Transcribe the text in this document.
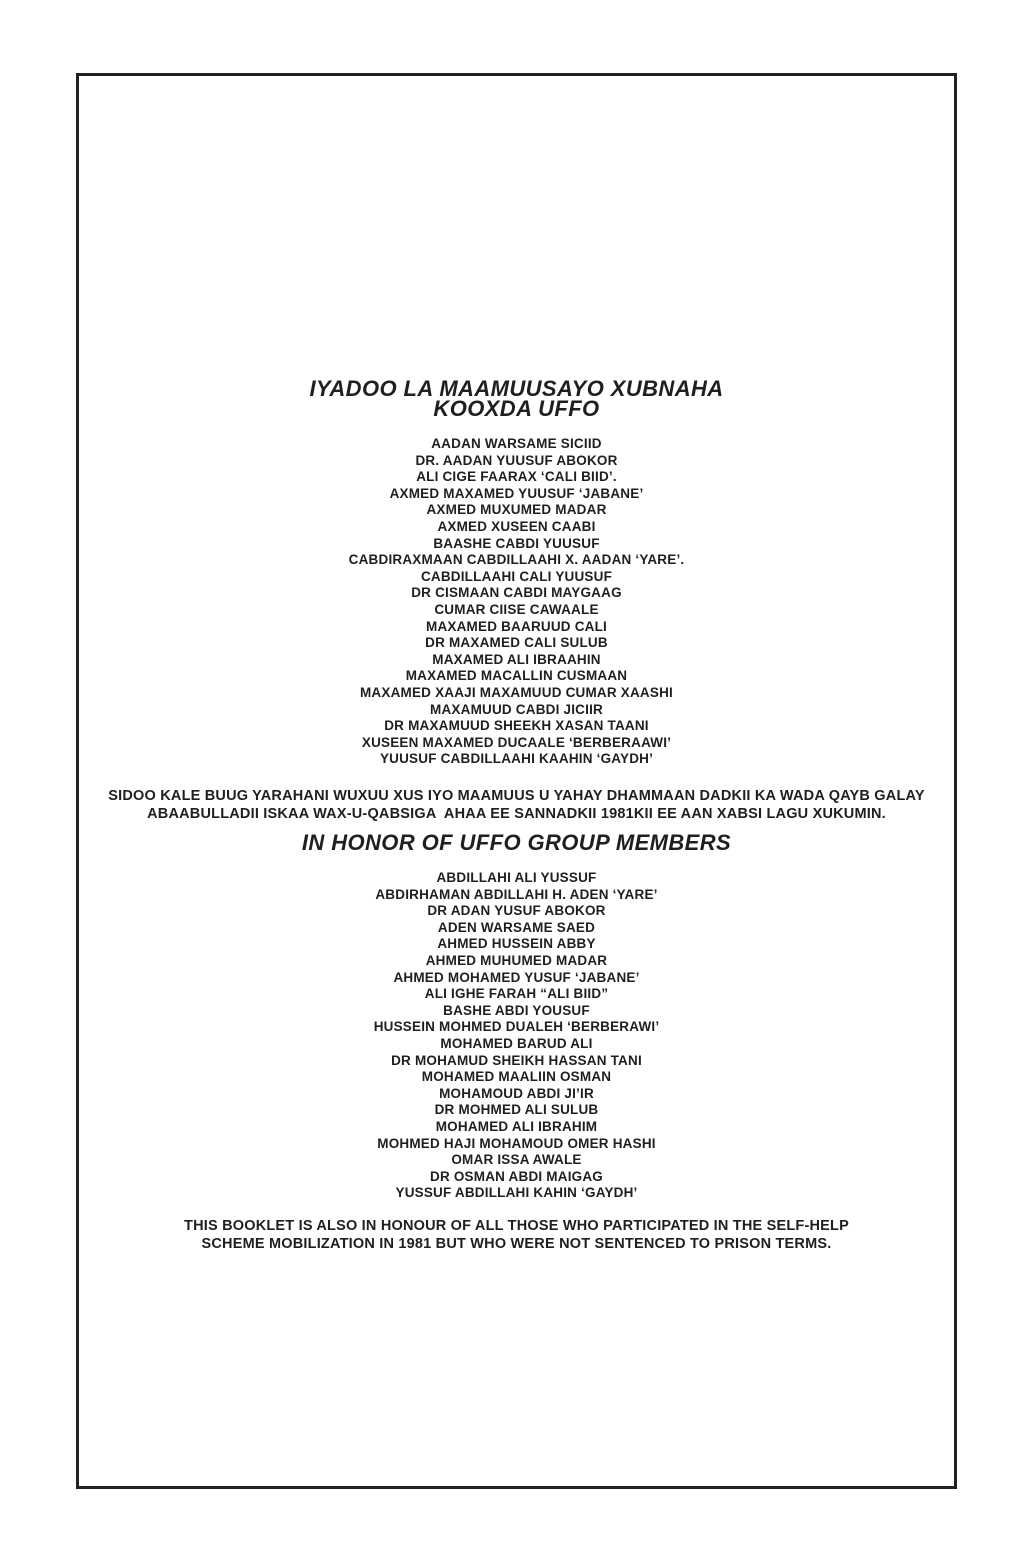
IYADOO LA MAAMUUSAYO XUBNAHA
KOOXDA UFFO
AADAN WARSAME SICIID
DR. AADAN YUUSUF ABOKOR
ALI CIGE FAARAX ‘CALI BIID’.
AXMED MAXAMED YUUSUF ‘JABANE’
AXMED MUXUMED MADAR
AXMED XUSEEN CAABI
BAASHE CABDI YUUSUF
CABDIRAXMAAN CABDILLAAHI X. AADAN ‘YARE’.
CABDILLAAHI CALI YUUSUF
DR CISMAAN CABDI MAYGAAG
CUMAR CIISE CAWAALE
MAXAMED BAARUUD CALI
DR MAXAMED CALI SULUB
MAXAMED ALI IBRAAHIN
MAXAMED MACALLIN CUSMAAN
MAXAMED XAAJI MAXAMUUD CUMAR XAASHI
MAXAMUUD CABDI JICIIR
DR MAXAMUUD SHEEKH XASAN TAANI
XUSEEN MAXAMED DUCAALE ‘BERBERAAWI’
YUUSUF CABDILLAAHI KAAHIN ‘GAYDH’
SIDOO KALE BUUG YARAHANI WUXUU XUS IYO MAAMUUS U YAHAY DHAMMAAN DADKII KA WADA QAYB GALAY
ABAABULLADII ISKAA WAX-U-QABSIGA  AHAA EE SANNADKII 1981KII EE AAN XABSI LAGU XUKUMIN.
IN HONOR OF UFFO GROUP MEMBERS
ABDILLAHI ALI YUSSUF
ABDIRHAMAN ABDILLAHI H. ADEN ‘YARE’
DR ADAN YUSUF ABOKOR
ADEN WARSAME SAED
AHMED HUSSEIN ABBY
AHMED MUHUMED MADAR
AHMED MOHAMED YUSUF ‘JABANE’
ALI IGHE FARAH “ALI BIID”
BASHE ABDI YOUSUF
HUSSEIN MOHMED DUALEH ‘BERBERAWI’
MOHAMED BARUD ALI
DR MOHAMUD SHEIKH HASSAN TANI
MOHAMED MAALIIN OSMAN
MOHAMOUD ABDI JI’IR
DR MOHMED ALI SULUB
MOHAMED ALI IBRAHIM
MOHMED HAJI MOHAMOUD OMER HASHI
OMAR ISSA AWALE
DR OSMAN ABDI MAIGAG
YUSSUF ABDILLAHI KAHIN ‘GAYDH’
THIS BOOKLET IS ALSO IN HONOUR OF ALL THOSE WHO PARTICIPATED IN THE SELF-HELP
SCHEME MOBILIZATION IN 1981 BUT WHO WERE NOT SENTENCED TO PRISON TERMS.
